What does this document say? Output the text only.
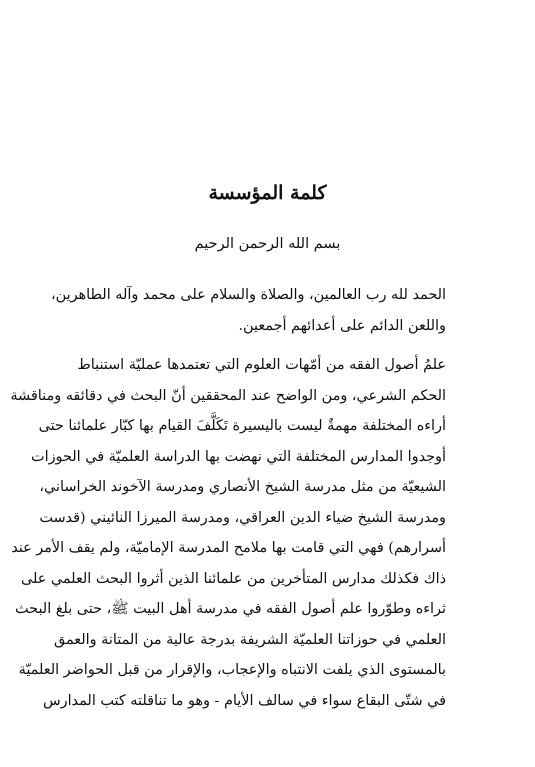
كلمة المؤسسة
بسم الله الرحمن الرحيم

الحمد لله رب العالمين، والصلاة والسلام على محمد وآله الطاهرين،
واللعن الدائم على أعدائهم أجمعين.

علمُ أصول الفقه من أمّهات العلوم التي تعتمدها عمليّة استنباط
الحكم الشرعي، ومن الواضح عند المحققين أنّ البحث في دقائقه ومناقشة
أراءه المختلفة مهمةٌ ليست باليسيرة تَكَلَّفَ القيام بها كبّار علمائنا حتى
أوجدوا المدارس المختلفة التي نهضت بها الدراسة العلميّة في الحوزات
الشيعيّة من مثل مدرسة الشيخ الأنصاري ومدرسة الآخوند الخراساني،
ومدرسة الشيخ ضياء الدين العراقي، ومدرسة الميرزا النائيني (قدست
أسرارهم) فهي التي قامت بها ملامح المدرسة الإماميّة، ولم يقف الأمر عند
ذاك فكذلك مدارس المتأخرين من علمائنا الذين أثروا البحث العلمي على
ثراءه وطوّروا علم أصول الفقه في مدرسة أهل البيت ﷺ، حتى بلغ البحث
العلمي في حوزاتنا العلميّة الشريفة بدرجة عالية من المتانة والعمق
بالمستوى الذي يلفت الانتباه والإعجاب، والإقرار من قبل الحواضر العلميّة
في شتّى البقاع سواء في سالف الأيام - وهو ما تناقلته كتب المدارس
